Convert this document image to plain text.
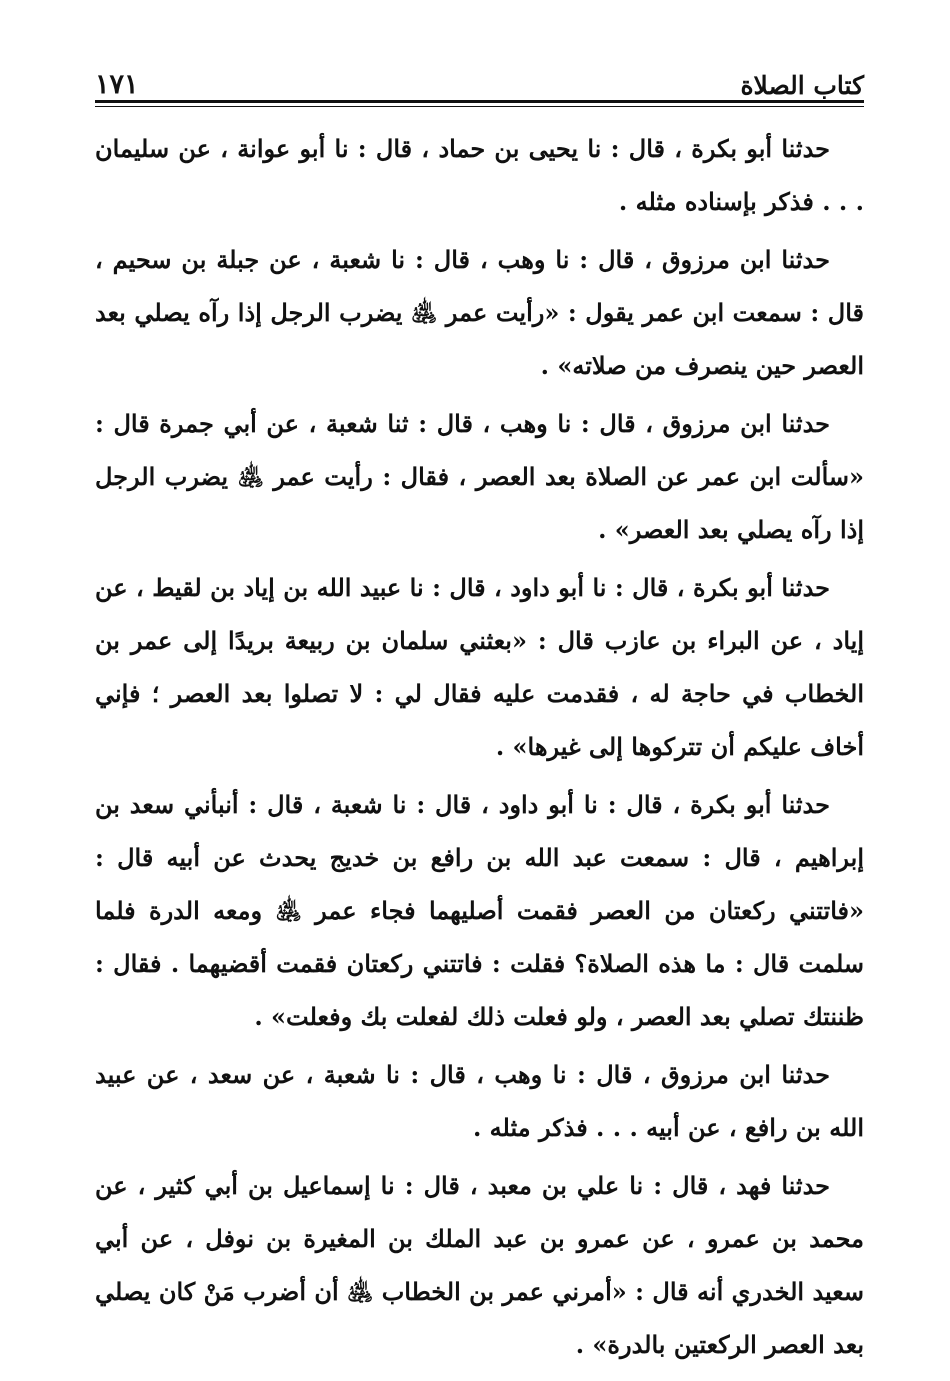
كتاب الصلاة
١٧١

حدثنا أبو بكرة ، قال : نا يحيى بن حماد ، قال : نا أبو عوانة ، عن سليمان . . . فذكر بإسناده مثله .

حدثنا ابن مرزوق ، قال : نا وهب ، قال : نا شعبة ، عن جبلة بن سحيم ، قال : سمعت ابن عمر يقول : «رأيت عمر ﵁ يضرب الرجل إذا رآه يصلي بعد العصر حين ينصرف من صلاته» .

حدثنا ابن مرزوق ، قال : نا وهب ، قال : ثنا شعبة ، عن أبي جمرة قال : «سألت ابن عمر عن الصلاة بعد العصر ، فقال : رأيت عمر ﵁ يضرب الرجل إذا رآه يصلي بعد العصر» .

حدثنا أبو بكرة ، قال : نا أبو داود ، قال : نا عبيد الله بن إياد بن لقيط ، عن إياد ، عن البراء بن عازب قال : «بعثني سلمان بن ربيعة بريدًا إلى عمر بن الخطاب في حاجة له ، فقدمت عليه فقال لي : لا تصلوا بعد العصر ؛ فإني أخاف عليكم أن تتركوها إلى غيرها» .

حدثنا أبو بكرة ، قال : نا أبو داود ، قال : نا شعبة ، قال : أنبأني سعد بن إبراهيم ، قال : سمعت عبد الله بن رافع بن خديج يحدث عن أبيه قال : «فاتتني ركعتان من العصر فقمت أصليهما فجاء عمر ﵁ ومعه الدرة فلما سلمت قال : ما هذه الصلاة؟ فقلت : فاتتني ركعتان فقمت أقضيهما . فقال : ظننتك تصلي بعد العصر ، ولو فعلت ذلك لفعلت بك وفعلت» .

حدثنا ابن مرزوق ، قال : نا وهب ، قال : نا شعبة ، عن سعد ، عن عبيد الله بن رافع ، عن أبيه . . . فذكر مثله .

حدثنا فهد ، قال : نا علي بن معبد ، قال : نا إسماعيل بن أبي كثير ، عن محمد بن عمرو ، عن عمرو بن عبد الملك بن المغيرة بن نوفل ، عن أبي سعيد الخدري أنه قال : «أمرني عمر بن الخطاب ﵁ أن أضرب مَنْ كان يصلي بعد العصر الركعتين بالدرة» .
